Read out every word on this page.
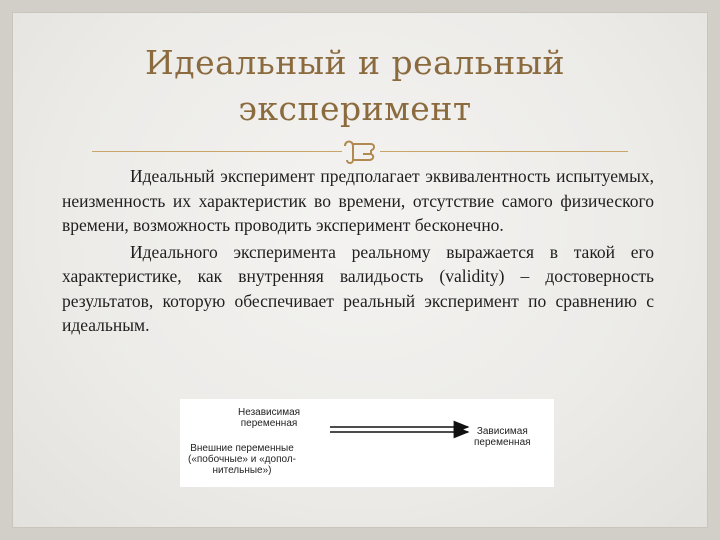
Идеальный и реальный
эксперимент

Идеальный эксперимент предполагает эквивалентность испытуемых, неизменность их характеристик во времени, отсутствие самого физического времени, возможность проводить эксперимент бесконечно.

Идеального эксперимента реальному выражается в такой его характеристике, как внутренняя валидьость (validity) – достоверность результатов, которую обеспечивает реальный эксперимент по сравнению с идеальным.

Независимая
переменная
Внешние переменные
(«побочные» и «допол-
нительные»)
Зависимая
переменная
